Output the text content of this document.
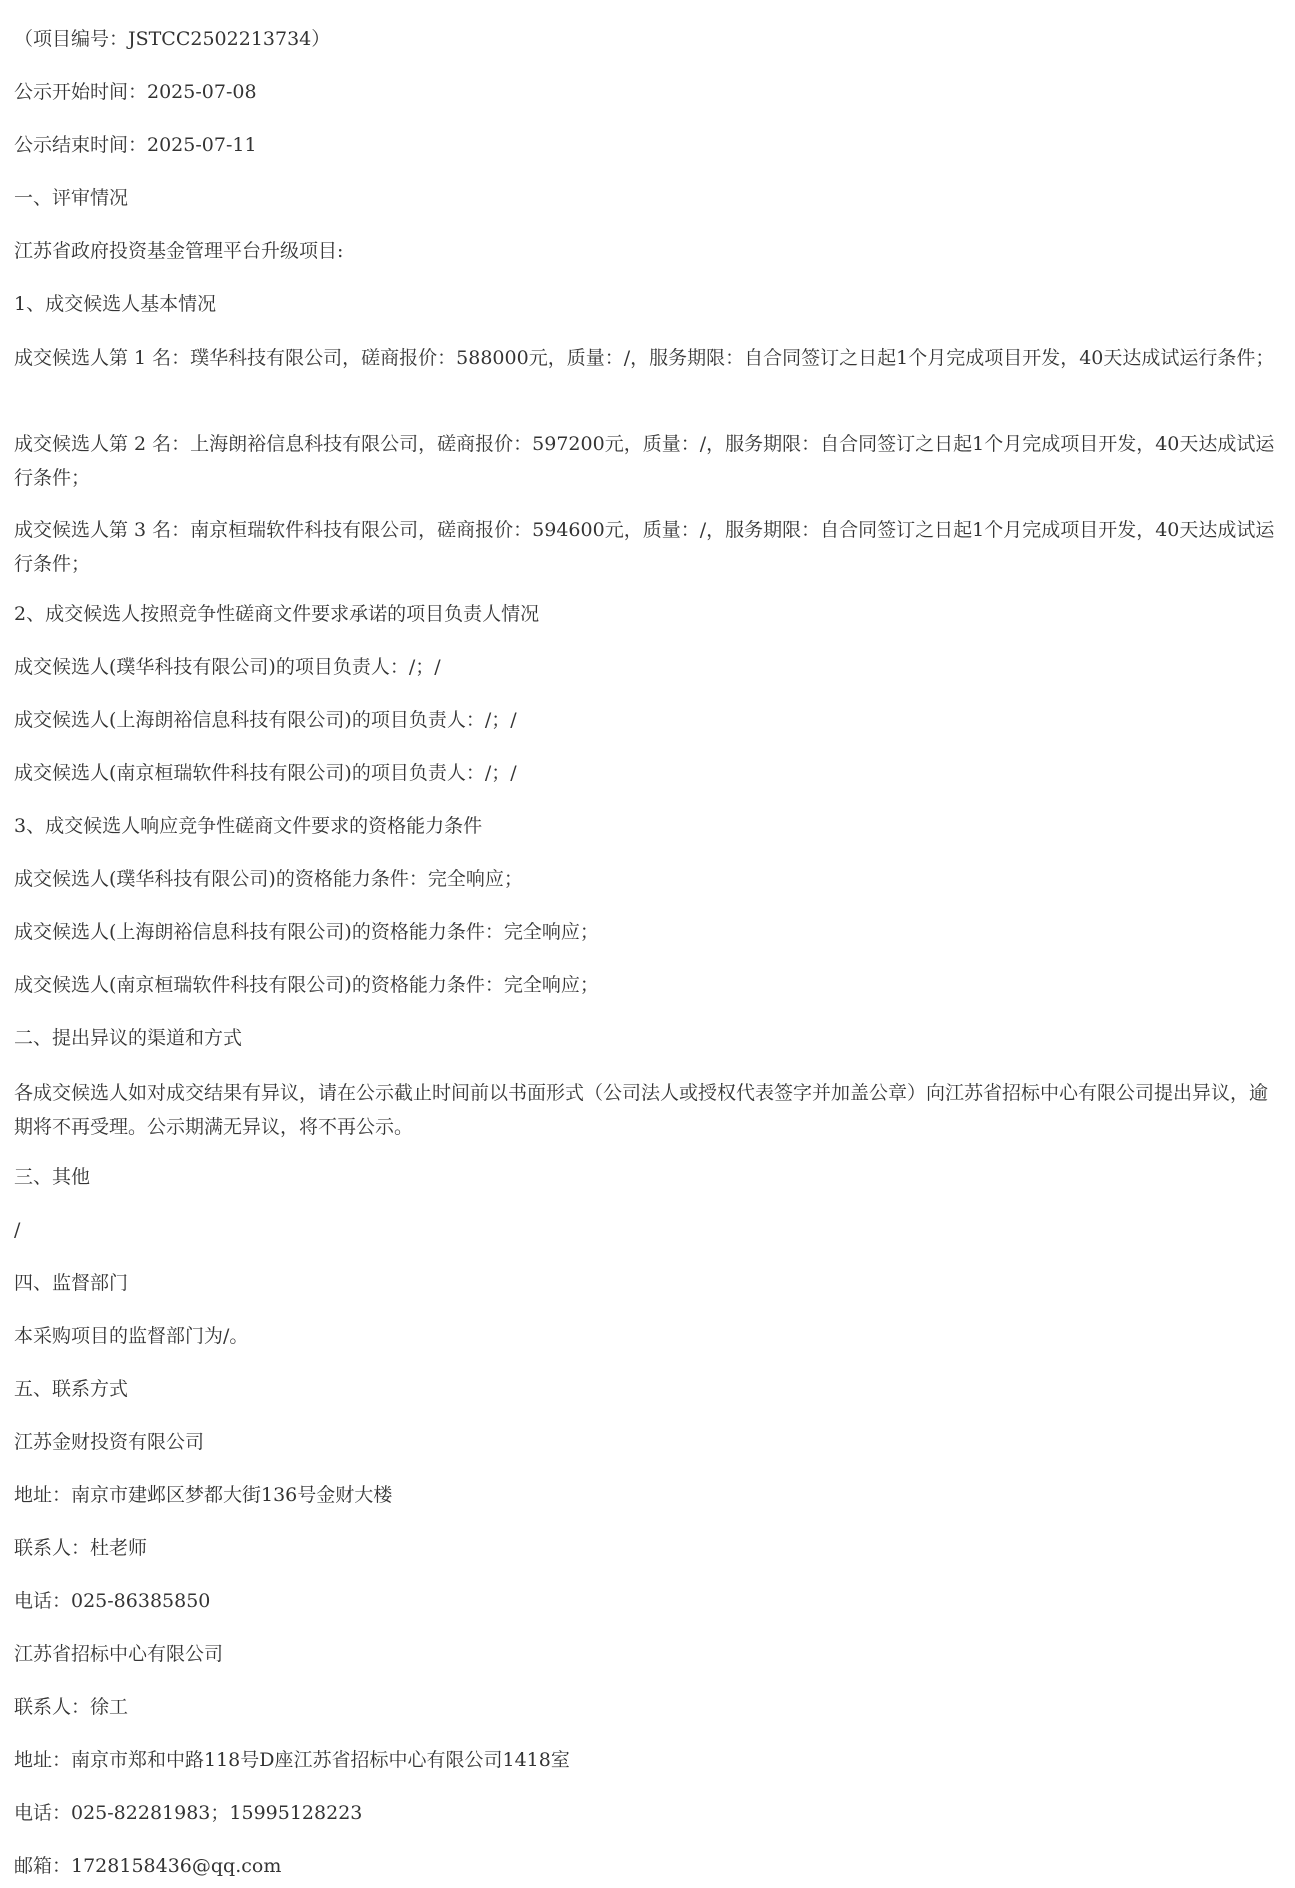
（项目编号：JSTCC2502213734）

公示开始时间：2025-07-08

公示结束时间：2025-07-11

一、评审情况

江苏省政府投资基金管理平台升级项目:

1、成交候选人基本情况

成交候选人第 1 名：璞华科技有限公司，磋商报价：588000元，质量：/，服务期限：自合同签订之日起1个月完成项目开发，40天达成试运行条件；

成交候选人第 2 名：上海朗裕信息科技有限公司，磋商报价：597200元，质量：/，服务期限：自合同签订之日起1个月完成项目开发，40天达成试运行条件；

成交候选人第 3 名：南京桓瑞软件科技有限公司，磋商报价：594600元，质量：/，服务期限：自合同签订之日起1个月完成项目开发，40天达成试运行条件；

2、成交候选人按照竞争性磋商文件要求承诺的项目负责人情况

成交候选人(璞华科技有限公司)的项目负责人：/；/

成交候选人(上海朗裕信息科技有限公司)的项目负责人：/；/

成交候选人(南京桓瑞软件科技有限公司)的项目负责人：/；/

3、成交候选人响应竞争性磋商文件要求的资格能力条件

成交候选人(璞华科技有限公司)的资格能力条件：完全响应；

成交候选人(上海朗裕信息科技有限公司)的资格能力条件：完全响应；

成交候选人(南京桓瑞软件科技有限公司)的资格能力条件：完全响应；

二、提出异议的渠道和方式

各成交候选人如对成交结果有异议，请在公示截止时间前以书面形式（公司法人或授权代表签字并加盖公章）向江苏省招标中心有限公司提出异议，逾期将不再受理。公示期满无异议，将不再公示。

三、其他

/

四、监督部门

本采购项目的监督部门为/。

五、联系方式

江苏金财投资有限公司

地址：南京市建邺区梦都大街136号金财大楼

联系人：杜老师

电话：025-86385850

江苏省招标中心有限公司

联系人：徐工

地址：南京市郑和中路118号D座江苏省招标中心有限公司1418室

电话：025-82281983；15995128223

邮箱：1728158436@qq.com
